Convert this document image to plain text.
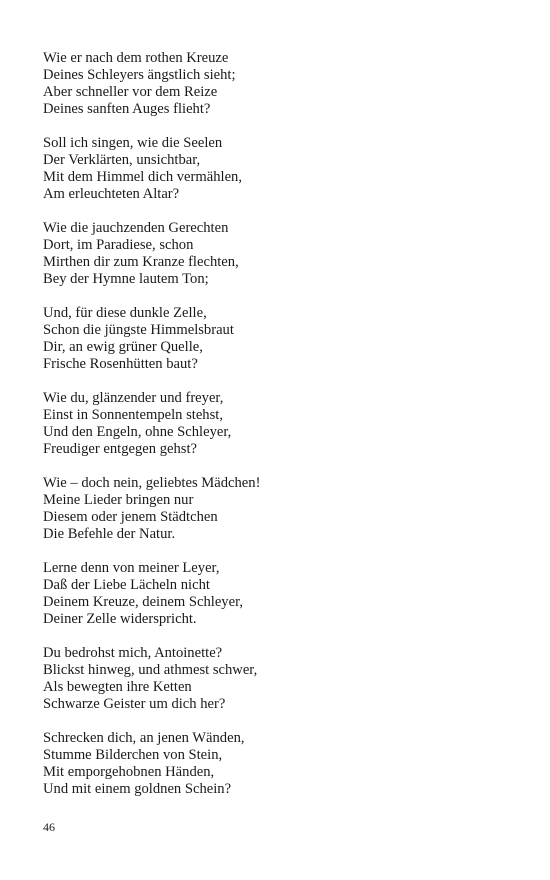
Wie er nach dem rothen Kreuze
Deines Schleyers ängstlich sieht;
Aber schneller vor dem Reize
Deines sanften Auges flieht?
Soll ich singen, wie die Seelen
Der Verklärten, unsichtbar,
Mit dem Himmel dich vermählen,
Am erleuchteten Altar?
Wie die jauchzenden Gerechten
Dort, im Paradiese, schon
Mirthen dir zum Kranze flechten,
Bey der Hymne lautem Ton;
Und, für diese dunkle Zelle,
Schon die jüngste Himmelsbraut
Dir, an ewig grüner Quelle,
Frische Rosenhütten baut?
Wie du, glänzender und freyer,
Einst in Sonnentempeln stehst,
Und den Engeln, ohne Schleyer,
Freudiger entgegen gehst?
Wie – doch nein, geliebtes Mädchen!
Meine Lieder bringen nur
Diesem oder jenem Städtchen
Die Befehle der Natur.
Lerne denn von meiner Leyer,
Daß der Liebe Lächeln nicht
Deinem Kreuze, deinem Schleyer,
Deiner Zelle widerspricht.
Du bedrohst mich, Antoinette?
Blickst hinweg, und athmest schwer,
Als bewegten ihre Ketten
Schwarze Geister um dich her?
Schrecken dich, an jenen Wänden,
Stumme Bilderchen von Stein,
Mit emporgehobnen Händen,
Und mit einem goldnen Schein?
46
